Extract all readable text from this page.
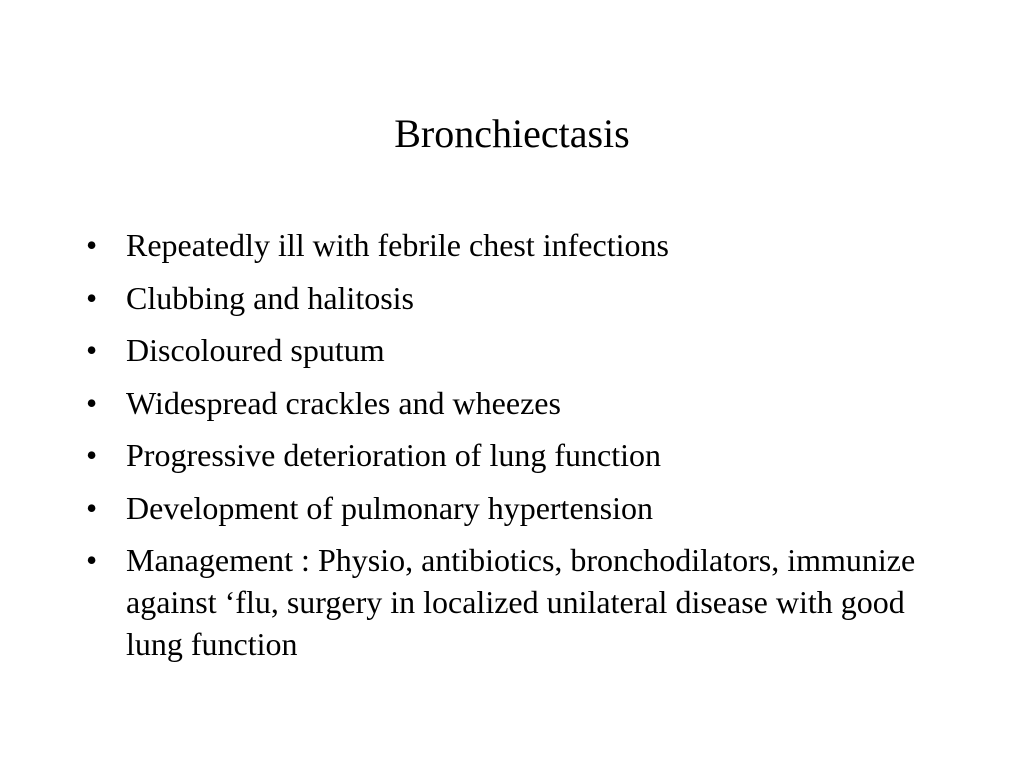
Bronchiectasis
• Repeatedly ill with febrile chest infections
• Clubbing and halitosis
• Discoloured sputum
• Widespread crackles and wheezes
• Progressive deterioration of lung function
• Development of pulmonary hypertension
• Management : Physio, antibiotics, bronchodilators, immunize against ‘flu, surgery in localized unilateral disease with good lung function
